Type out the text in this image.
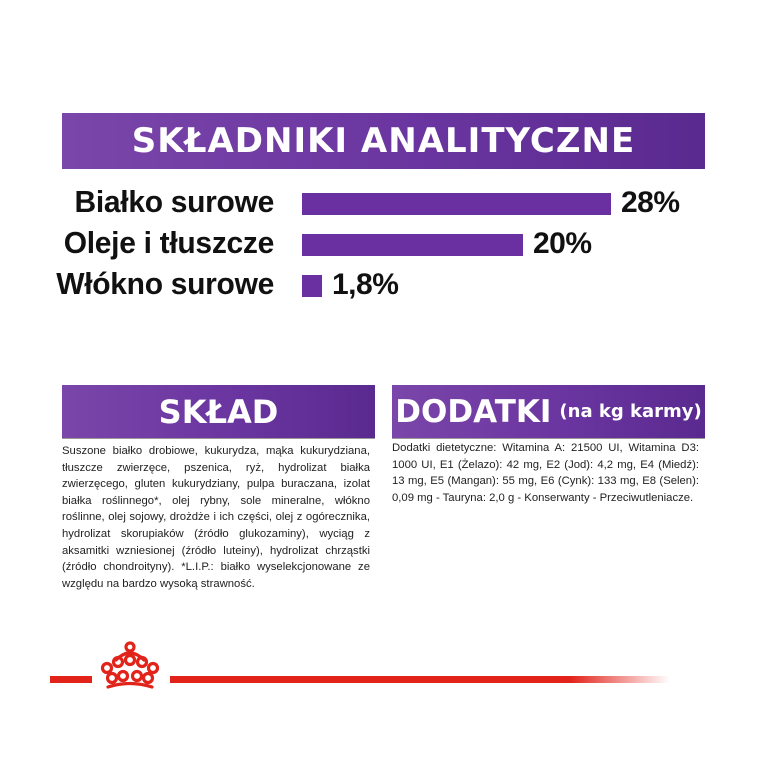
SKŁADNIKI ANALITYCZNE
Białko surowe	28%
Oleje i tłuszcze	20%
Włókno surowe 1,8%
SKŁAD

Suszone białko drobiowe, kukurydza, mąka kukurydziana, tłuszcze zwierzęce, pszenica, ryż, hydrolizat białka zwierzęcego, gluten kukurydziany, pulpa buraczana, izolat białka roślinnego*, olej rybny, sole mineralne, włókno roślinne, olej sojowy, drożdże i ich części, olej z ogórecznika, hydrolizat skorupiaków (źródło glukozaminy), wyciąg z aksamitki wzniesionej (źródło luteiny), hydrolizat chrząstki (źródło chondroityny). *L.I.P.: białko wyselekcjonowane ze względu na bardzo wysoką strawność.

DODATKI (na kg karmy)

Dodatki dietetyczne: Witamina A: 21500 UI, Witamina D3: 1000 UI, E1 (Żelazo): 42 mg, E2 (Jod): 4,2 mg, E4 (Miedź): 13 mg, E5 (Mangan): 55 mg, E6 (Cynk): 133 mg, E8 (Selen): 0,09 mg - Tauryna: 2,0 g - Konserwanty - Przeciwutleniacze.
